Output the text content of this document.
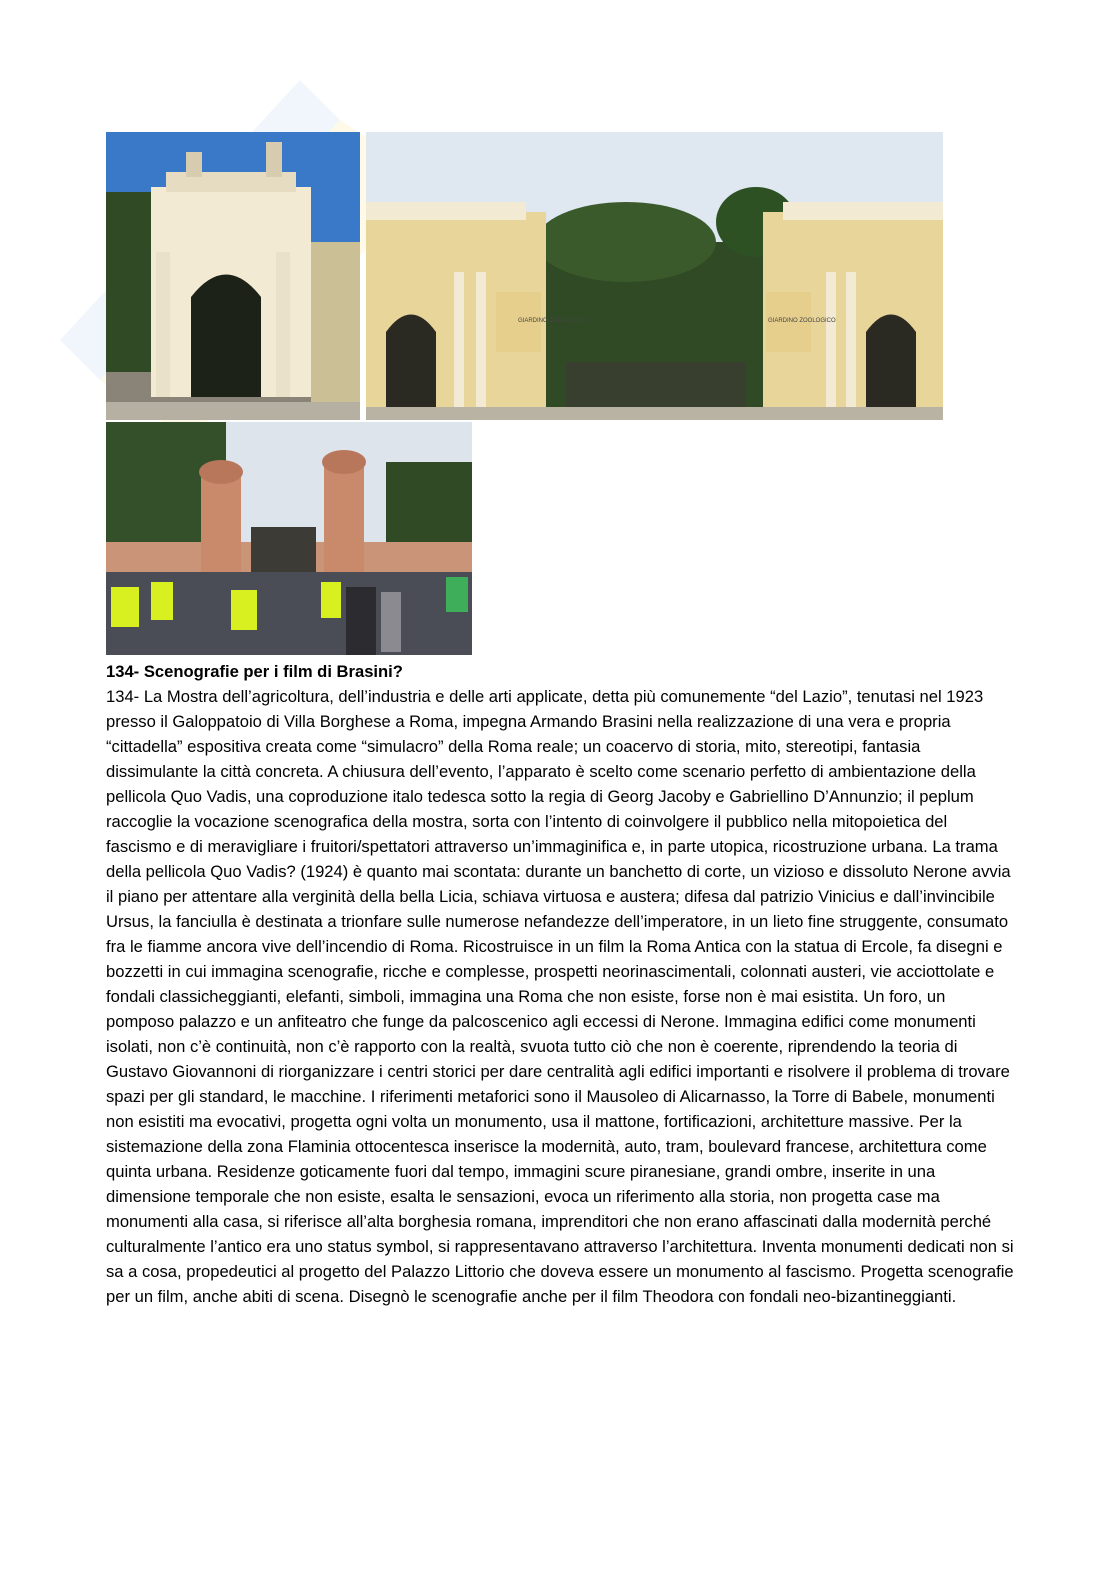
GIARDINO ZOOLOGICO	GIARDINO ZOOLOGICO
134- Scenografie per i film di Brasini?

134- La Mostra dell’agricoltura, dell’industria e delle arti applicate, detta più comunemente “del Lazio”, tenutasi nel 1923 presso il Galoppatoio di Villa Borghese a Roma, impegna Armando Brasini nella realizzazione di una vera e propria “cittadella” espositiva creata come “simulacro” della Roma reale; un coacervo di storia, mito, stereotipi, fantasia dissimulante la città concreta. A chiusura dell’evento, l’apparato è scelto come scenario perfetto di ambientazione della pellicola Quo Vadis, una coproduzione italo tedesca sotto la regia di Georg Jacoby e Gabriellino D’Annunzio; il peplum raccoglie la vocazione scenografica della mostra, sorta con l’intento di coinvolgere il pubblico nella mitopoietica del fascismo e di meravigliare i fruitori/spettatori attraverso un’immaginifica e, in parte utopica, ricostruzione urbana. La trama della pellicola Quo Vadis? (1924) è quanto mai scontata: durante un banchetto di corte, un vizioso e dissoluto Nerone avvia il piano per attentare alla verginità della bella Licia, schiava virtuosa e austera; difesa dal patrizio Vinicius e dall’invincibile Ursus, la fanciulla è destinata a trionfare sulle numerose nefandezze dell’imperatore, in un lieto fine struggente, consumato fra le fiamme ancora vive dell’incendio di Roma. Ricostruisce in un film la Roma Antica con la statua di Ercole, fa disegni e bozzetti in cui immagina scenografie, ricche e complesse, prospetti neorinascimentali, colonnati austeri, vie acciottolate e fondali classicheggianti, elefanti, simboli, immagina una Roma che non esiste, forse non è mai esistita. Un foro, un pomposo palazzo e un anfiteatro che funge da palcoscenico agli eccessi di Nerone. Immagina edifici come monumenti isolati, non c’è continuità, non c’è rapporto con la realtà, svuota tutto ciò che non è coerente, riprendendo la teoria di Gustavo Giovannoni di riorganizzare i centri storici per dare centralità agli edifici importanti e risolvere il problema di trovare spazi per gli standard, le macchine. I riferimenti metaforici sono il Mausoleo di Alicarnasso, la Torre di Babele, monumenti non esistiti ma evocativi, progetta ogni volta un monumento, usa il mattone, fortificazioni, architetture massive. Per la sistemazione della zona Flaminia ottocentesca inserisce la modernità, auto, tram, boulevard francese, architettura come quinta urbana. Residenze goticamente fuori dal tempo, immagini scure piranesiane, grandi ombre, inserite in una dimensione temporale che non esiste, esalta le sensazioni, evoca un riferimento alla storia, non progetta case ma monumenti alla casa, si riferisce all’alta borghesia romana, imprenditori che non erano affascinati dalla modernità perché culturalmente l’antico era uno status symbol, si rappresentavano attraverso l’architettura. Inventa monumenti dedicati non si sa a cosa, propedeutici al progetto del Palazzo Littorio che doveva essere un monumento al fascismo. Progetta scenografie per un film, anche abiti di scena. Disegnò le scenografie anche per il film Theodora con fondali neo-bizantineggianti.
